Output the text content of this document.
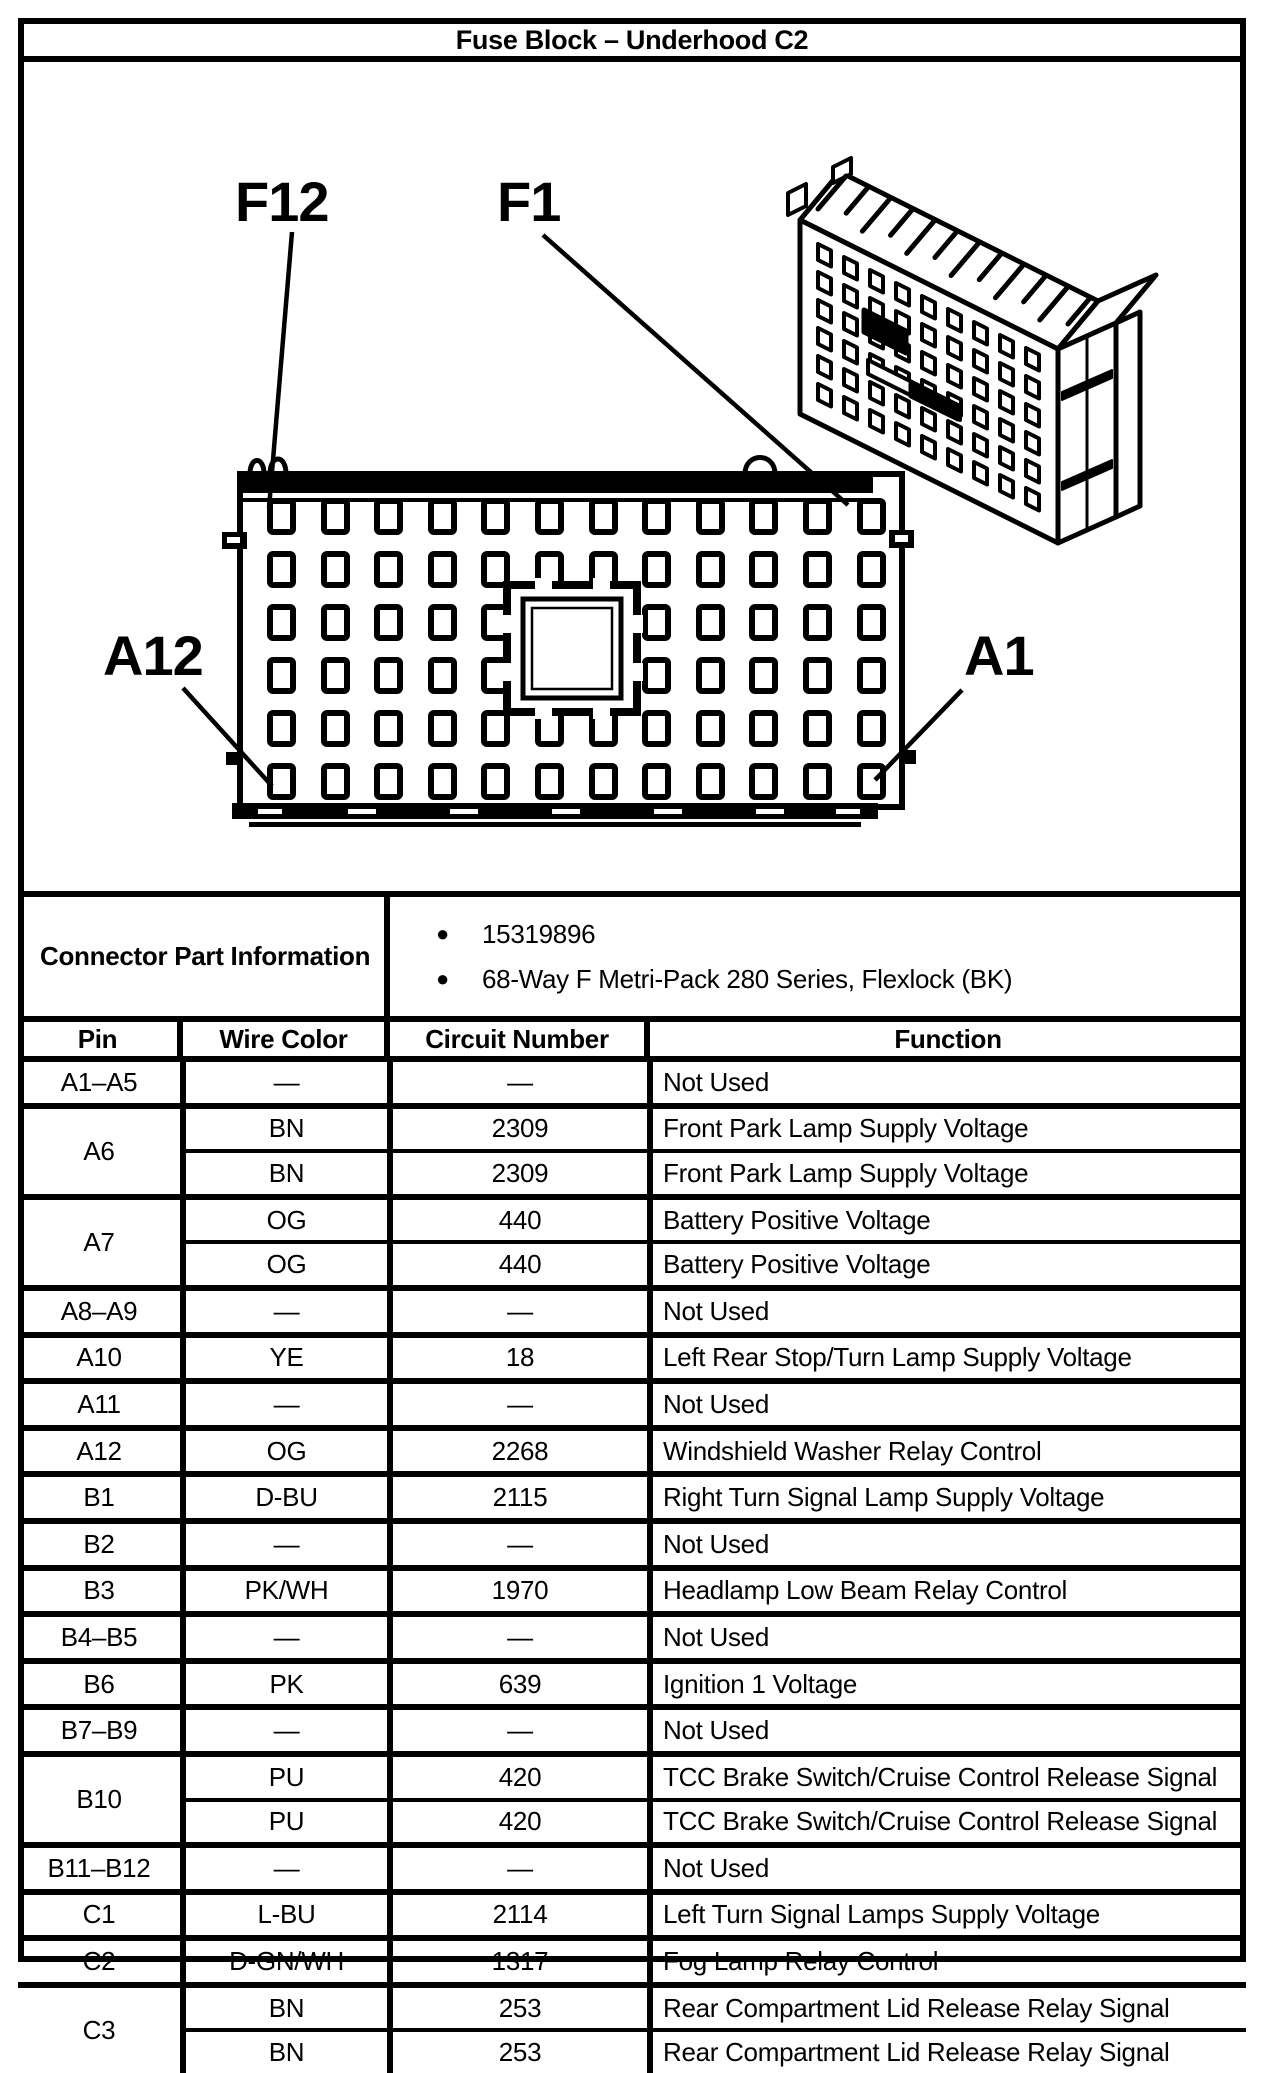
Fuse Block – Underhood C2
F12	F1
A12	A1
Connector Part Information
●	15319896
●	68-Way F Metri-Pack 280 Series, Flexlock (BK)
Pin	Wire Color	Circuit Number	Function
A1–A5	—	—	Not Used
A6	BN	2309	Front Park Lamp Supply Voltage
	BN	2309	Front Park Lamp Supply Voltage
A7	OG	440	Battery Positive Voltage
	OG	440	Battery Positive Voltage
A8–A9	—	—	Not Used
A10	YE	18	Left Rear Stop/Turn Lamp Supply Voltage
A11	—	—	Not Used
A12	OG	2268	Windshield Washer Relay Control
B1	D-BU	2115	Right Turn Signal Lamp Supply Voltage
B2	—	—	Not Used
B3	PK/WH	1970	Headlamp Low Beam Relay Control
B4–B5	—	—	Not Used
B6	PK	639	Ignition 1 Voltage
B7–B9	—	—	Not Used
B10	PU	420	TCC Brake Switch/Cruise Control Release Signal
	PU	420	TCC Brake Switch/Cruise Control Release Signal
B11–B12	—	—	Not Used
C1	L-BU	2114	Left Turn Signal Lamps Supply Voltage
C2	D-GN/WH	1317	Fog Lamp Relay Control
C3	BN	253	Rear Compartment Lid Release Relay Signal
	BN	253	Rear Compartment Lid Release Relay Signal
